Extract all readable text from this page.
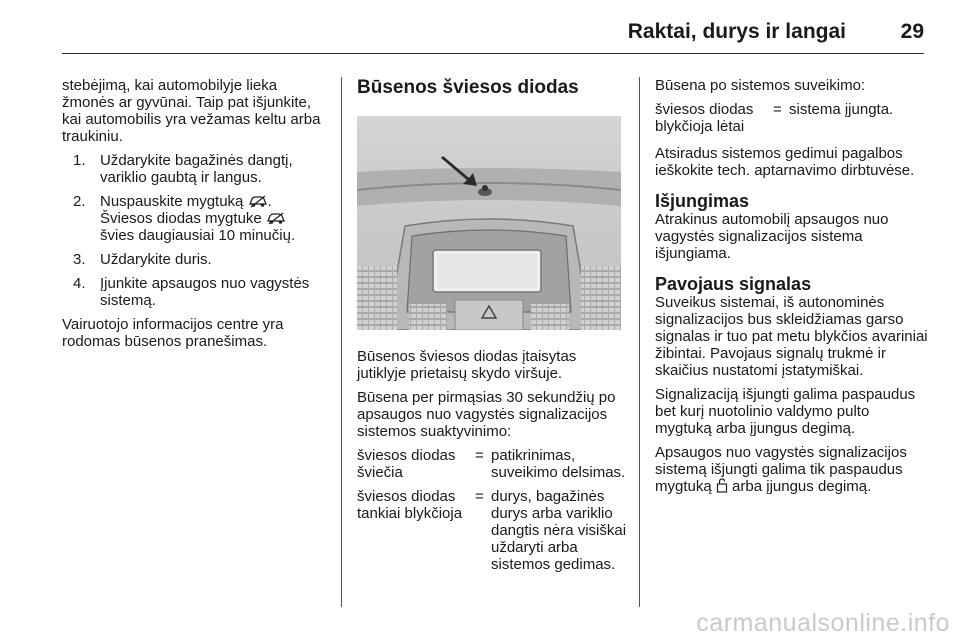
Raktai, durys ir langai	29

stebėjimą, kai automobilyje lieka žmonės ar gyvūnai. Taip pat išjunkite, kai automobilis yra vežamas keltu arba traukiniu.

1. Uždarykite bagažinės dangtį, variklio gaubtą ir langus.
2. Nuspauskite mygtuką .
Šviesos diodas mygtuke
švies daugiausiai 10 minučių.
3. Uždarykite duris.
4. Įjunkite apsaugos nuo vagystės sistemą.

Vairuotojo informacijos centre yra rodomas būsenos pranešimas.

Būsenos šviesos diodas

Būsenos šviesos diodas įtaisytas jutiklyje prietaisų skydo viršuje.

Būsena per pirmąsias 30 sekundžių po apsaugos nuo vagystės signalizacijos sistemos suaktyvinimo:

šviesos diodas šviečia
= patikrinimas, suveikimo delsimas.
šviesos diodas tankiai blykčioja
= durys, bagažinės durys arba variklio dangtis nėra visiškai uždaryti arba sistemos gedimas.

Būsena po sistemos suveikimo:

šviesos diodas blykčioja lėtai
= sistema įjungta.

Atsiradus sistemos gedimui pagalbos ieškokite tech. aptarnavimo dirbtuvėse.

Išjungimas

Atrakinus automobilį apsaugos nuo vagystės signalizacijos sistema išjungiama.

Pavojaus signalas

Suveikus sistemai, iš autonominės signalizacijos bus skleidžiamas garso signalas ir tuo pat metu blykčios avariniai žibintai. Pavojaus signalų trukmė ir skaičius nustatomi įstatymiškai.

Signalizaciją išjungti galima paspaudus bet kurį nuotolinio valdymo pulto mygtuką arba įjungus degimą.

Apsaugos nuo vagystės signalizacijos sistemą išjungti galima tik paspaudus mygtuką arba įjungus degimą.

carmanualsonline.info
